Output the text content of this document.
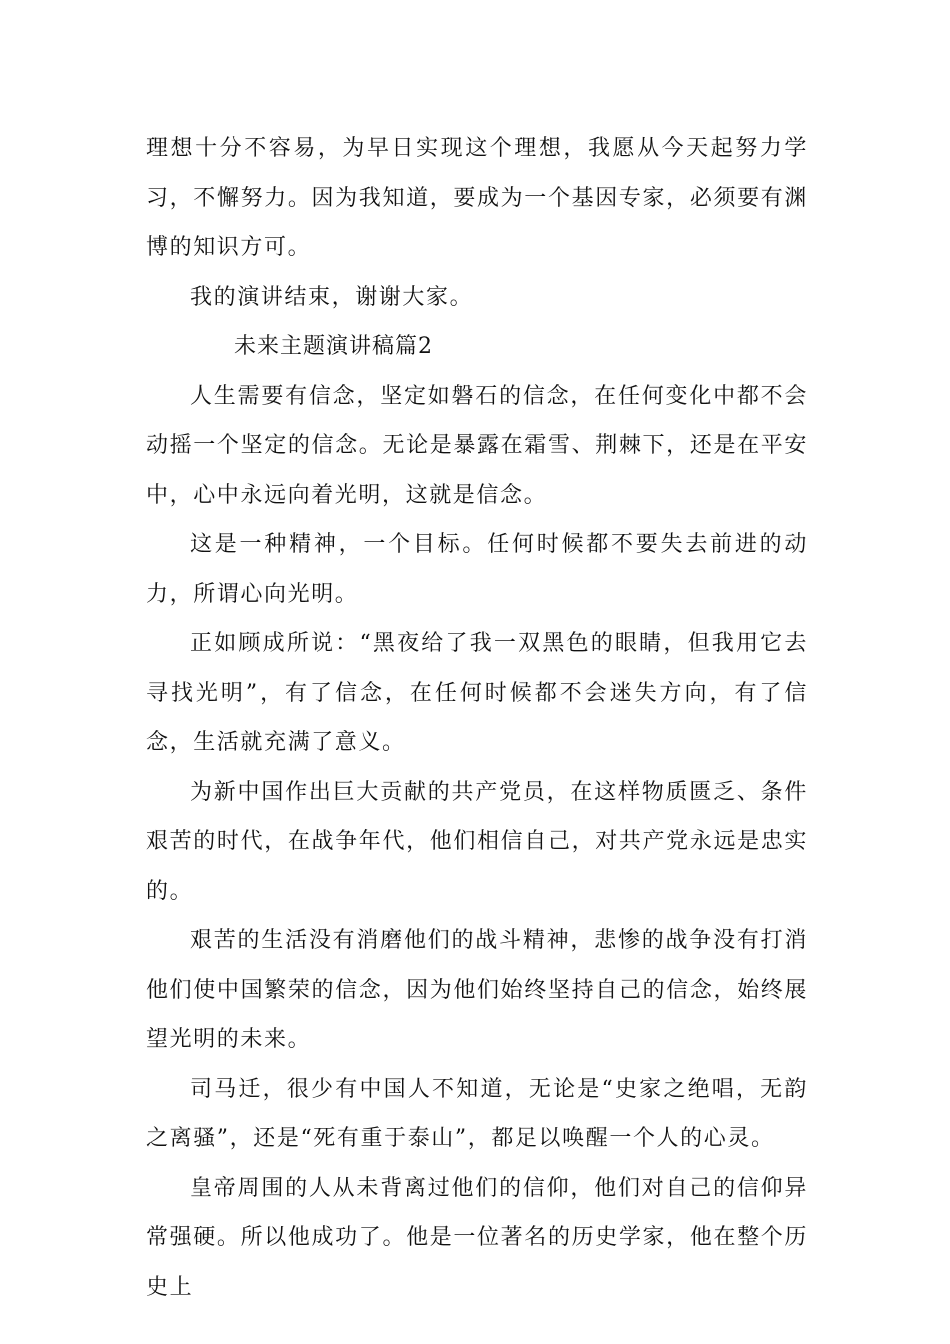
理想十分不容易，为早日实现这个理想，我愿从今天起努力学习，不懈努力。因为我知道，要成为一个基因专家，必须要有渊博的知识方可。

我的演讲结束，谢谢大家。

未来主题演讲稿篇2

人生需要有信念，坚定如磐石的信念，在任何变化中都不会动摇一个坚定的信念。无论是暴露在霜雪、荆棘下，还是在平安中，心中永远向着光明，这就是信念。

这是一种精神，一个目标。任何时候都不要失去前进的动力，所谓心向光明。

正如顾成所说：“黑夜给了我一双黑色的眼睛，但我用它去寻找光明”，有了信念，在任何时候都不会迷失方向，有了信念，生活就充满了意义。

为新中国作出巨大贡献的共产党员，在这样物质匮乏、条件艰苦的时代，在战争年代，他们相信自己，对共产党永远是忠实的。

艰苦的生活没有消磨他们的战斗精神，悲惨的战争没有打消他们使中国繁荣的信念，因为他们始终坚持自己的信念，始终展望光明的未来。

司马迁，很少有中国人不知道，无论是“史家之绝唱，无韵之离骚”，还是“死有重于泰山”，都足以唤醒一个人的心灵。

皇帝周围的人从未背离过他们的信仰，他们对自己的信仰异常强硬。所以他成功了。他是一位著名的历史学家，他在整个历史上
